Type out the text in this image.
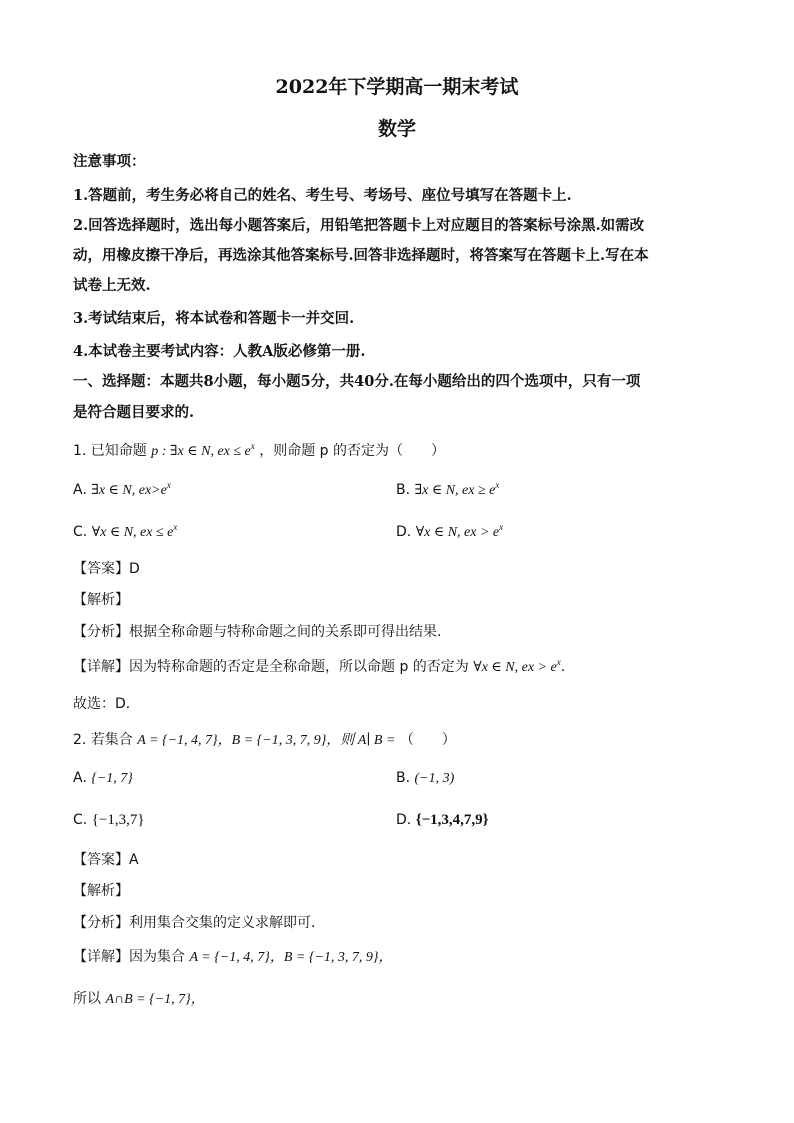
2022年下学期高一期末考试
数学
注意事项：
1.答题前，考生务必将自己的姓名、考生号、考场号、座位号填写在答题卡上.
2.回答选择题时，选出每小题答案后，用铅笔把答题卡上对应题目的答案标号涂黑.如需改
动，用橡皮擦干净后，再选涂其他答案标号.回答非选择题时，将答案写在答题卡上.写在本
试卷上无效.
3.考试结束后，将本试卷和答题卡一并交回.
4.本试卷主要考试内容：人教A版必修第一册.
一、选择题：本题共8小题，每小题5分，共40分.在每小题给出的四个选项中，只有一项
是符合题目要求的.
1. 已知命题 p : ∃x ∈ N, ex ≤ $e^x$ ，则命题 p 的否定为（　　）
A. ∃x ∈ N, $ex>e^x$	B. ∃x ∈ N, ex ≥ $e^x$
C. ∀x ∈ N, ex ≤ $e^x$	D. ∀x ∈ N, ex > $e^x$
【答案】D
【解析】
【分析】根据全称命题与特称命题之间的关系即可得出结果.
【详解】因为特称命题的否定是全称命题，所以命题 p 的否定为 ∀x ∈ N, ex > $e^x$.
故选：D.
2. 若集合 A = {−1, 4, 7}，B = {−1, 3, 7, 9}，则 A∣ B = （　　）
A. {−1, 7}	B. (−1, 3)
C. {−1,3,7}	D. {−1,3,4,7,9}
【答案】A
【解析】
【分析】利用集合交集的定义求解即可.
【详解】因为集合 A = {−1, 4, 7}，B = {−1, 3, 7, 9}，
所以 A∩B = {−1, 7}，
